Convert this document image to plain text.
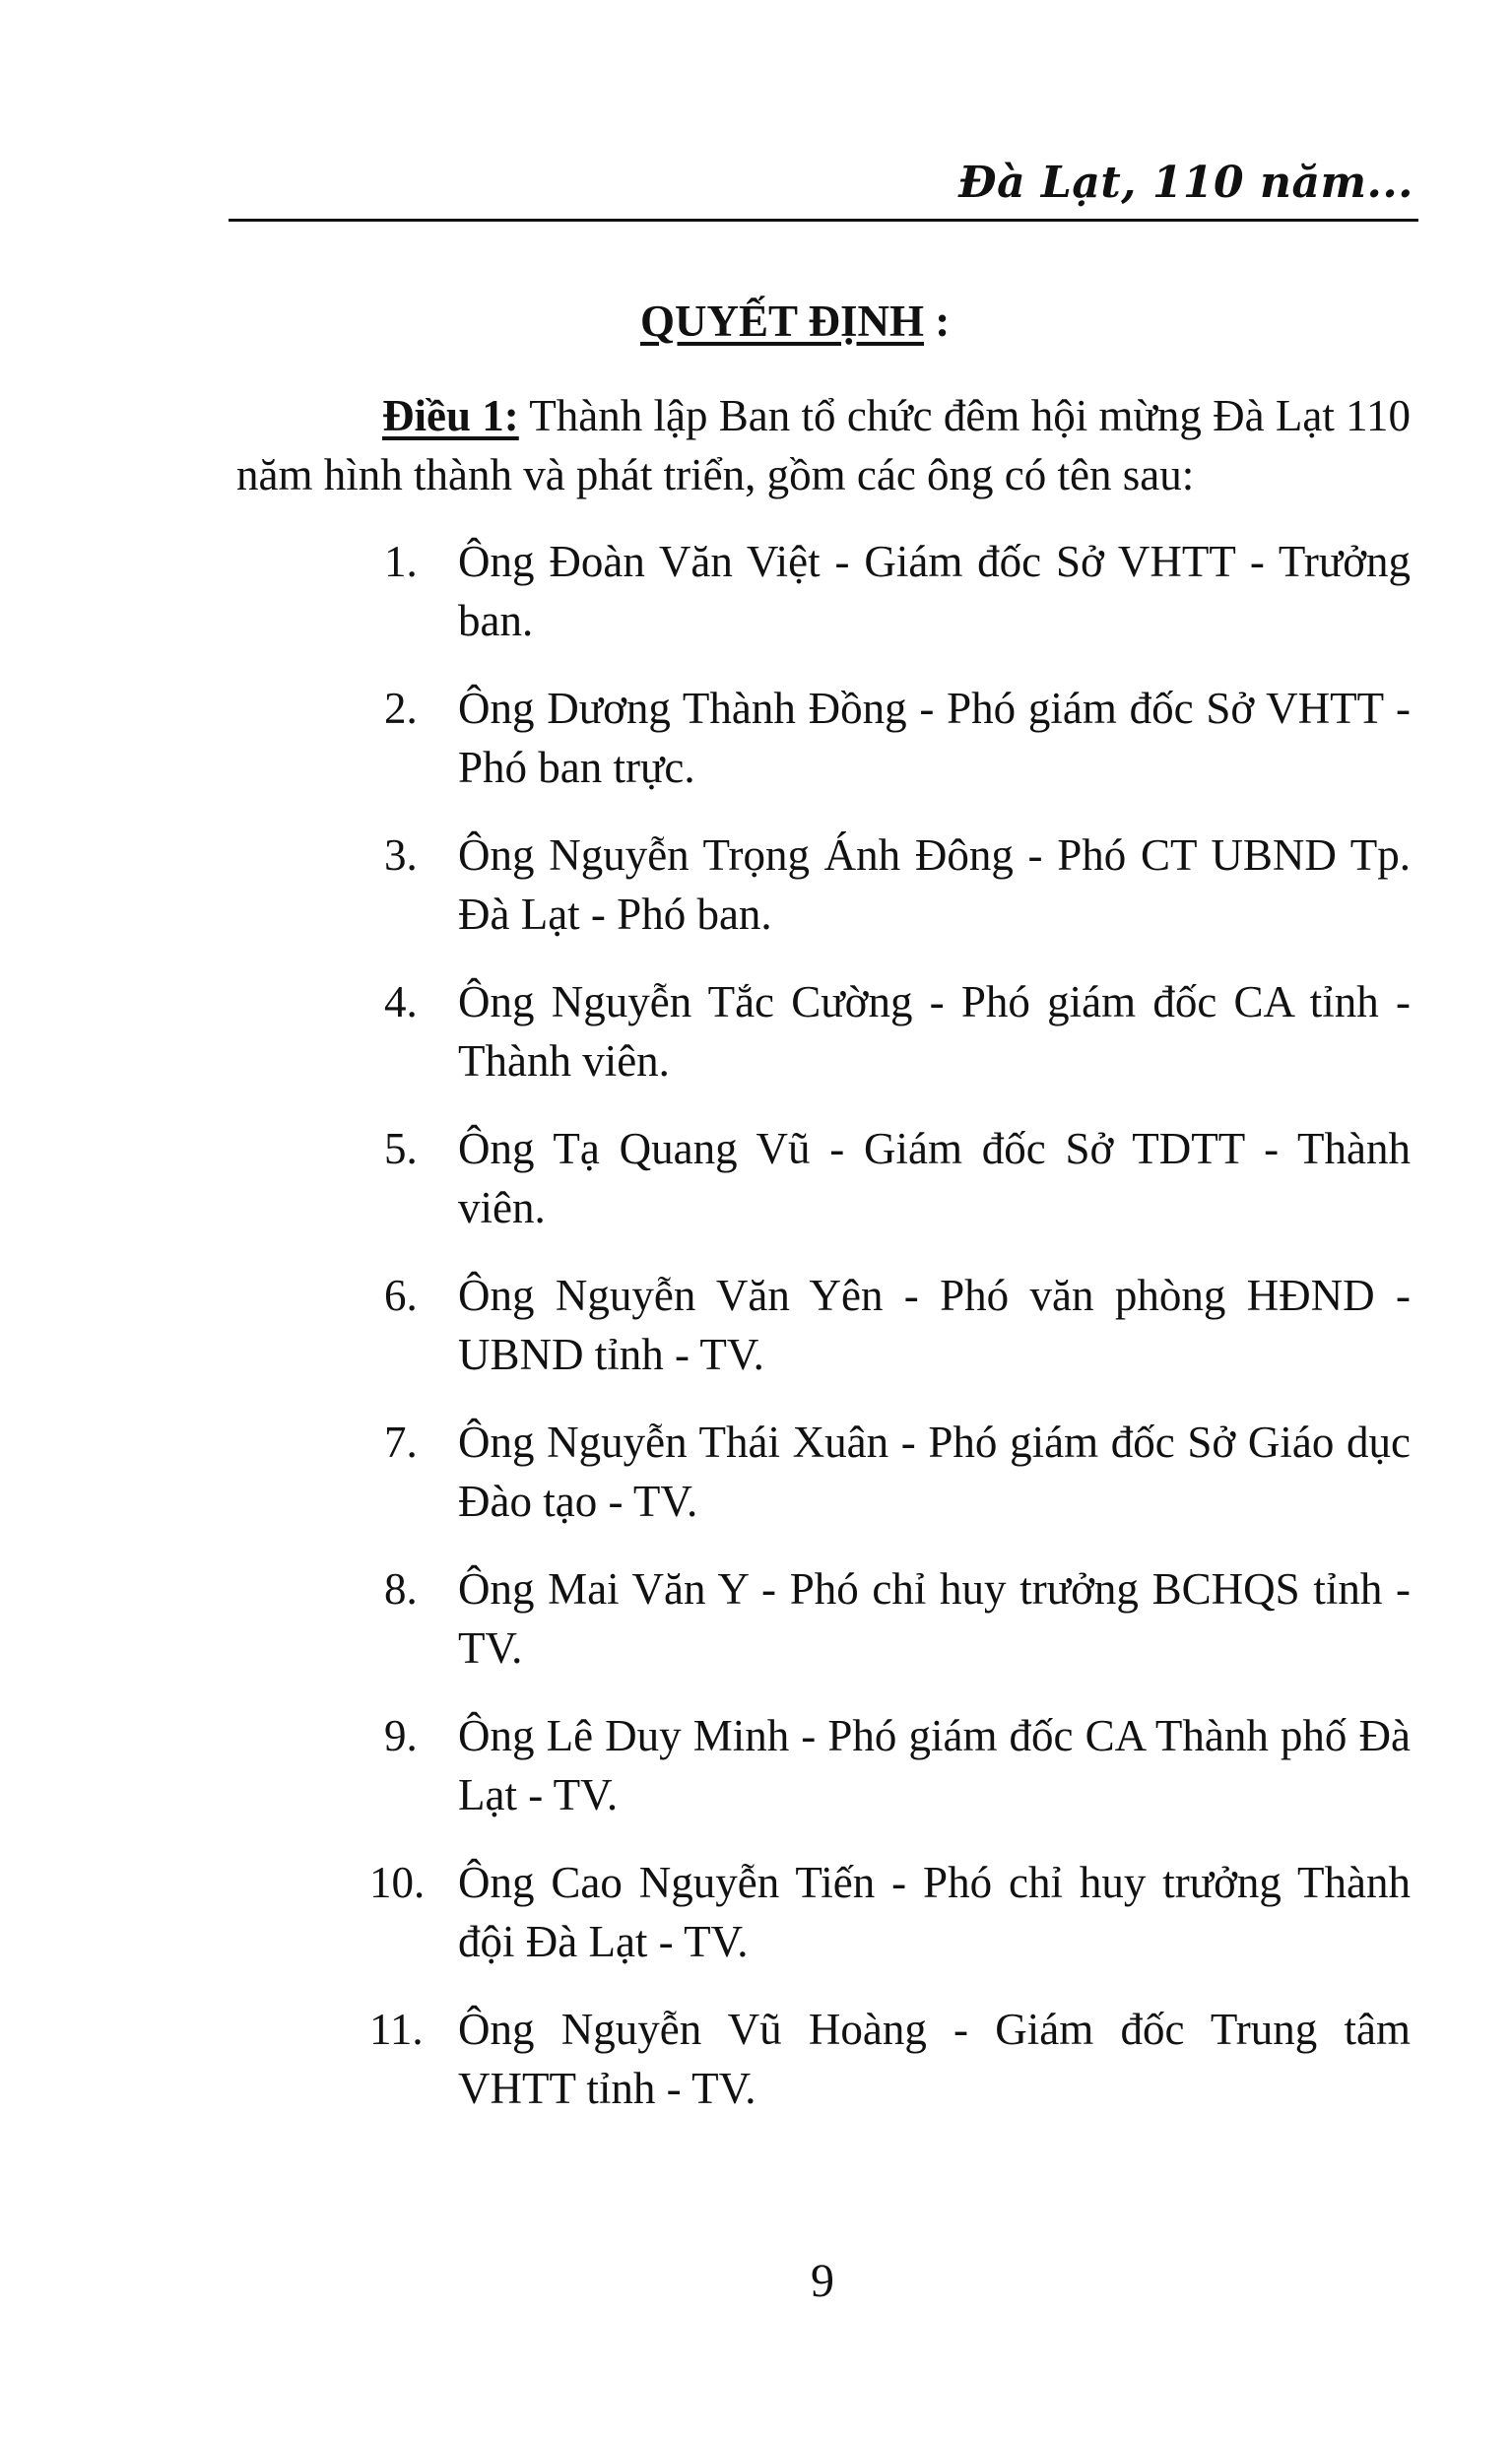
Đà Lạt, 110 năm...
QUYẾT ĐỊNH :

Điều 1: Thành lập Ban tổ chức đêm hội mừng Đà Lạt 110 năm hình thành và phát triển, gồm các ông có tên sau:

1. Ông Đoàn Văn Việt - Giám đốc Sở VHTT - Trưởng ban.
2. Ông Dương Thành Đồng - Phó giám đốc Sở VHTT - Phó ban trực.
3. Ông Nguyễn Trọng Ánh Đông - Phó CT UBND Tp. Đà Lạt - Phó ban.
4. Ông Nguyễn Tắc Cường - Phó giám đốc CA tỉnh - Thành viên.
5. Ông Tạ Quang Vũ - Giám đốc Sở TDTT - Thành viên.
6. Ông Nguyễn Văn Yên - Phó văn phòng HĐND - UBND tỉnh - TV.
7. Ông Nguyễn Thái Xuân - Phó giám đốc Sở Giáo dục Đào tạo - TV.
8. Ông Mai Văn Y - Phó chỉ huy trưởng BCHQS tỉnh - TV.
9. Ông Lê Duy Minh - Phó giám đốc CA Thành phố Đà Lạt - TV.
10. Ông Cao Nguyễn Tiến - Phó chỉ huy trưởng Thành đội Đà Lạt - TV.
11. Ông Nguyễn Vũ Hoàng - Giám đốc Trung tâm VHTT tỉnh - TV.
9
